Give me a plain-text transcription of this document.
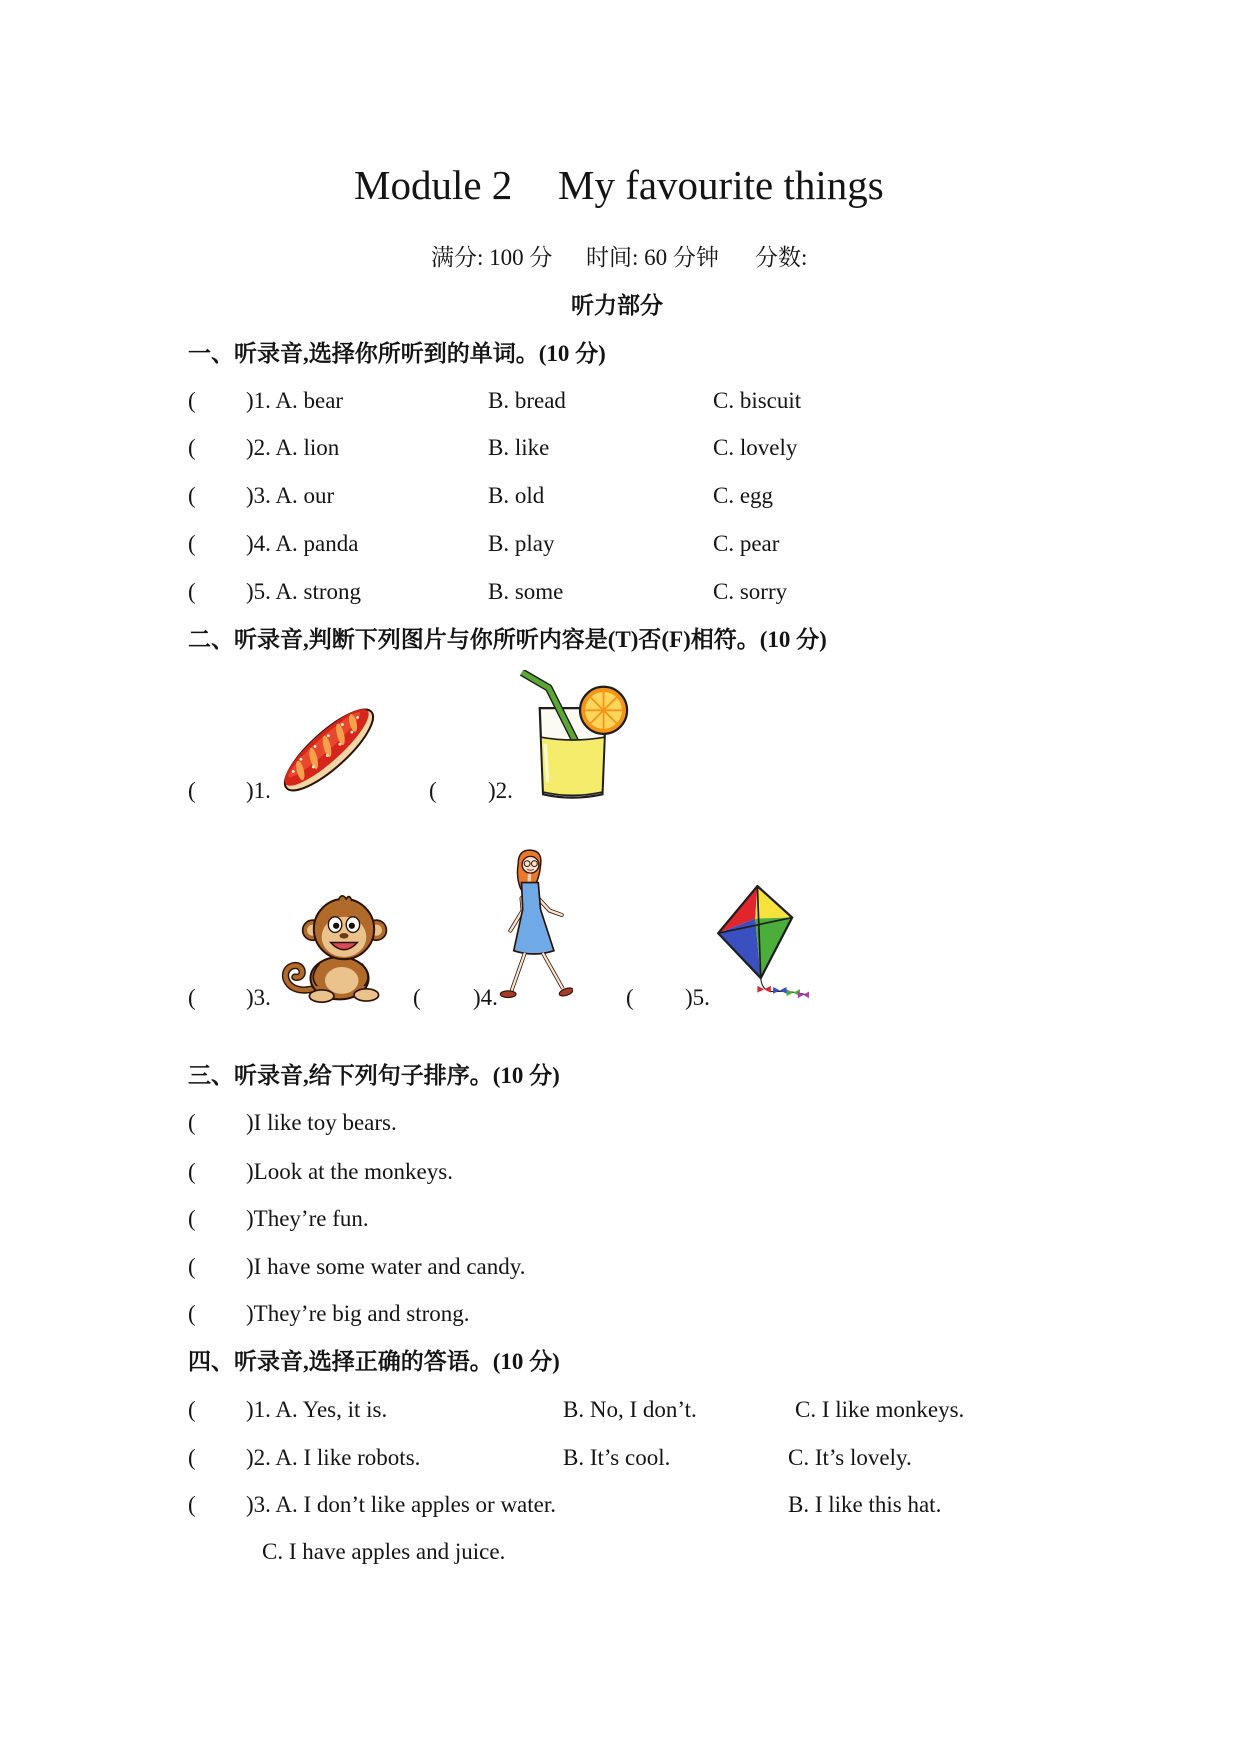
Module 2 My favourite things
满分: 100 分 时间: 60 分钟 分数:
听力部分
一、听录音,选择你所听到的单词。(10 分)
( )1. A. bear	B. bread	C. biscuit
( )2. A. lion	B. like	C. lovely
( )3. A. our	B. old	C. egg
( )4. A. panda	B. play	C. pear
( )5. A. strong	B. some	C. sorry
二、听录音,判断下列图片与你所听内容是(T)否(F)相符。(10 分)
( )1.	( )2.
( )3.	( )4.	( )5.
三、听录音,给下列句子排序。(10 分)
( )I like toy bears.
( )Look at the monkeys.
( )They’re fun.
( )I have some water and candy.
( )They’re big and strong.
四、听录音,选择正确的答语。(10 分)
( )1. A. Yes, it is.	B. No, I don’t.	C. I like monkeys.
( )2. A. I like robots.	B. It’s cool.	C. It’s lovely.
( )3. A. I don’t like apples or water.	B. I like this hat.
C. I have apples and juice.
